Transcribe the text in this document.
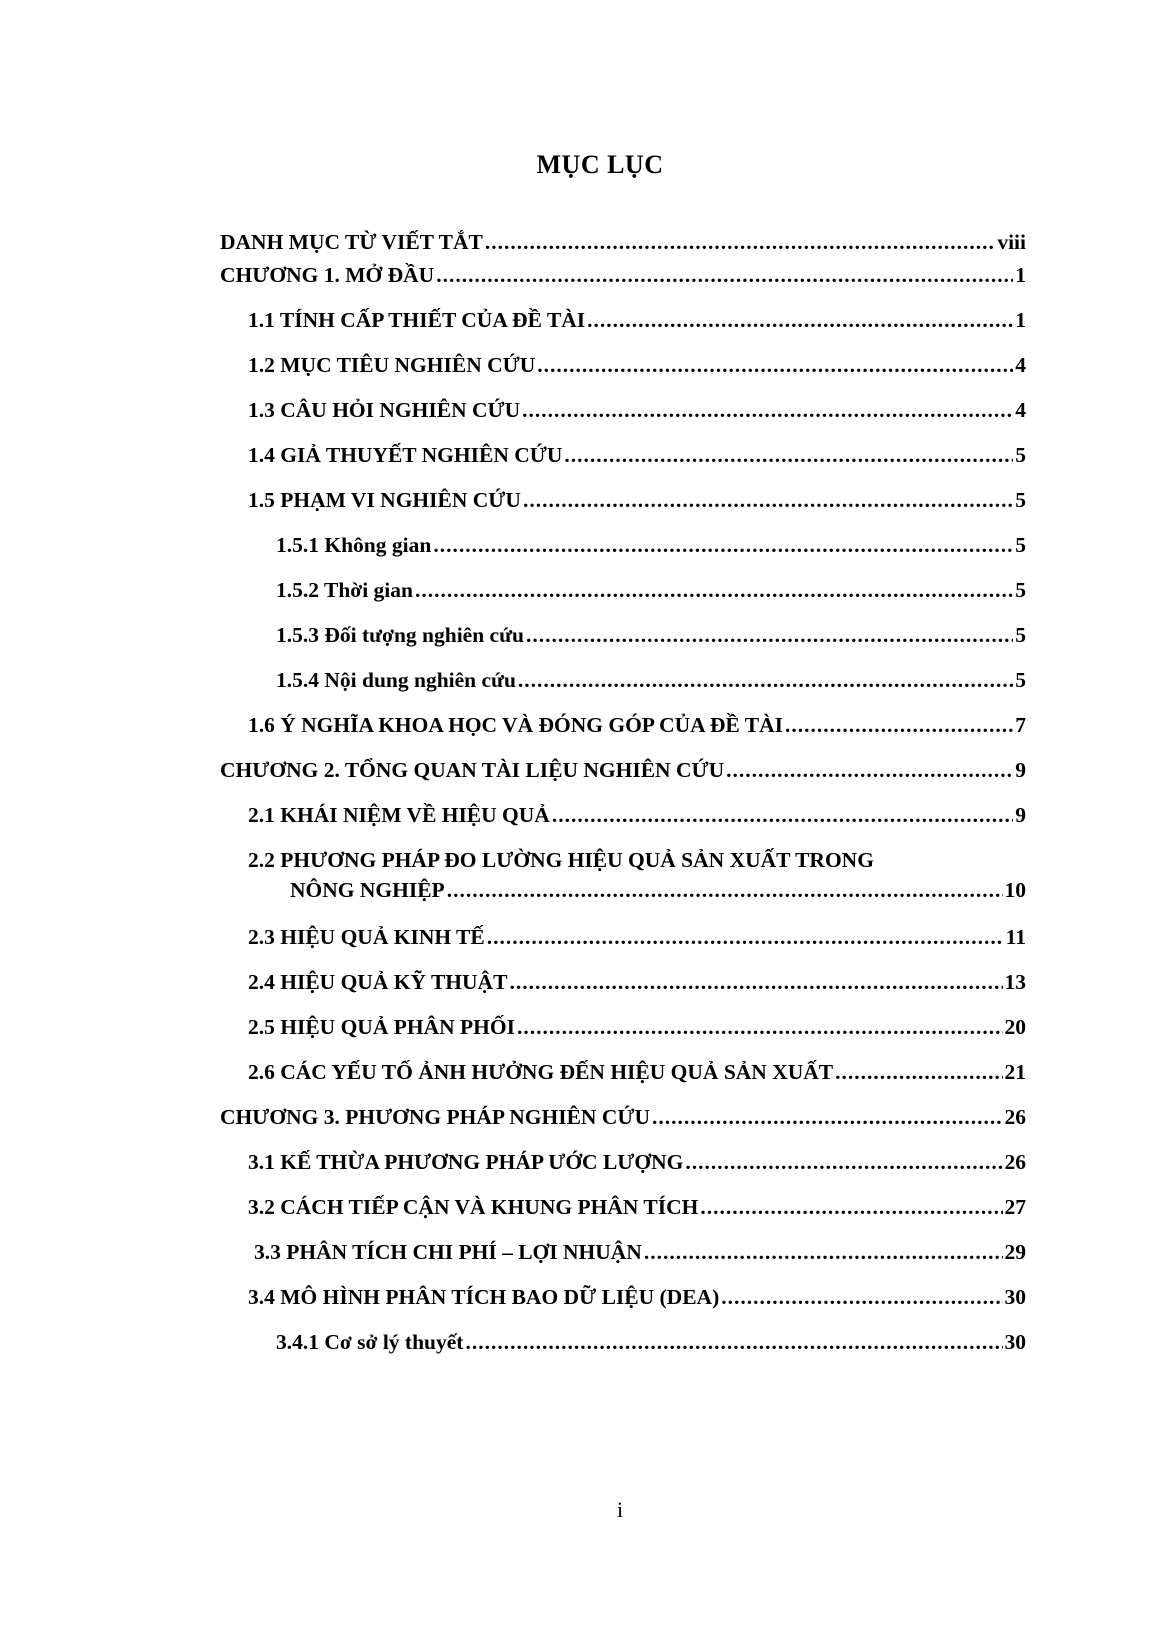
MỤC LỤC
DANH MỤC TỪ VIẾT TẮT .....	viii
CHƯƠNG 1. MỞ ĐẦU .....	1
1.1 TÍNH CẤP THIẾT CỦA ĐỀ TÀI .....	1
1.2 MỤC TIÊU NGHIÊN CỨU .....	4
1.3 CÂU HỎI NGHIÊN CỨU .....	4
1.4 GIẢ THUYẾT NGHIÊN CỨU .....	5
1.5 PHẠM VI NGHIÊN CỨU .....	5
1.5.1 Không gian .....	5
1.5.2 Thời gian .....	5
1.5.3 Đối tượng nghiên cứu .....	5
1.5.4 Nội dung nghiên cứu .....	5
1.6 Ý NGHĨA KHOA HỌC VÀ ĐÓNG GÓP CỦA ĐỀ TÀI .....	7
CHƯƠNG 2. TỔNG QUAN TÀI LIỆU NGHIÊN CỨU .....	9
2.1 KHÁI NIỆM VỀ HIỆU QUẢ .....	9
2.2 PHƯƠNG PHÁP ĐO LƯỜNG HIỆU QUẢ SẢN XUẤT TRONG
NÔNG NGHIỆP .....	10
2.3 HIỆU QUẢ KINH TẾ .....	11
2.4 HIỆU QUẢ KỸ THUẬT .....	13
2.5 HIỆU QUẢ PHÂN PHỐI .....	20
2.6 CÁC YẾU TỐ ẢNH HƯỞNG ĐẾN HIỆU QUẢ SẢN XUẤT .....	21
CHƯƠNG 3. PHƯƠNG PHÁP NGHIÊN CỨU .....	26
3.1 KẾ THỪA PHƯƠNG PHÁP ƯỚC LƯỢNG .....	26
3.2 CÁCH TIẾP CẬN VÀ KHUNG PHÂN TÍCH .....	27
3.3 PHÂN TÍCH CHI PHÍ – LỢI NHUẬN .....	29
3.4 MÔ HÌNH PHÂN TÍCH BAO DỮ LIỆU (DEA) .....	30
3.4.1 Cơ sở lý thuyết .....	30
i
